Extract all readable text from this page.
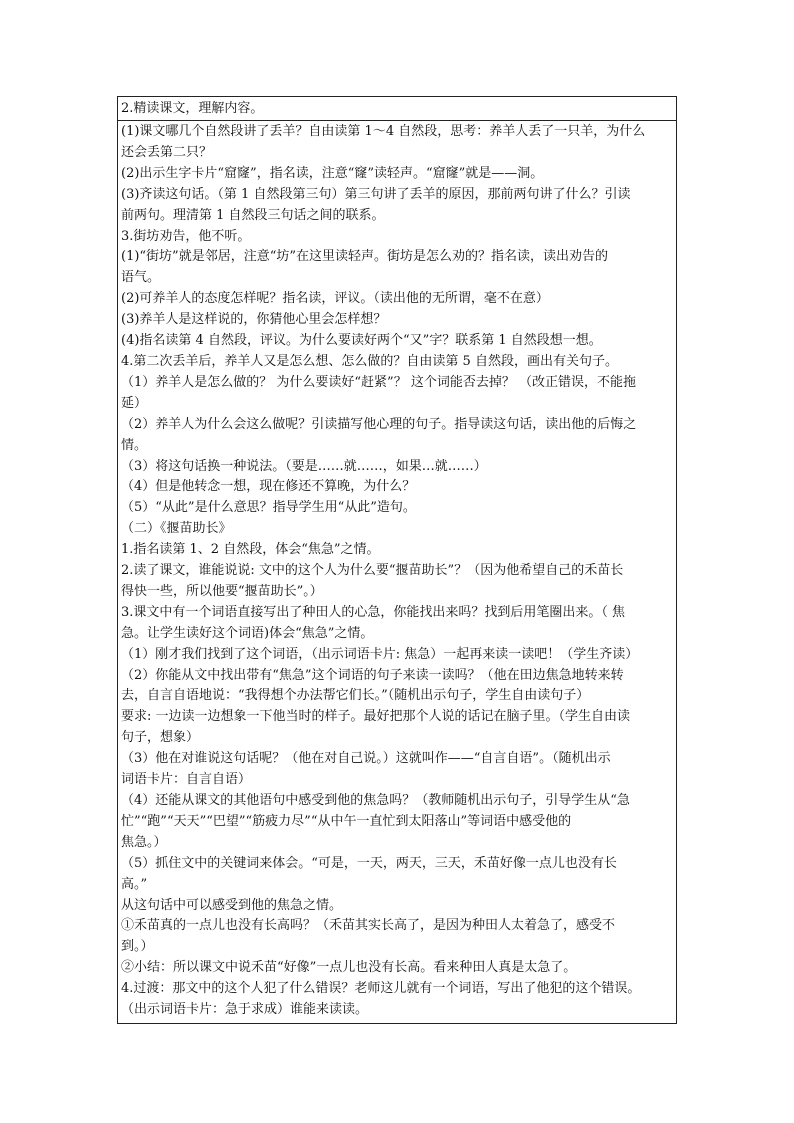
2.精读课文，理解内容。
(1)课文哪几个自然段讲了丢羊？自由读第 1～4 自然段，思考：养羊人丢了一只羊，为什么
还会丢第二只？
(2)出示生字卡片“窟窿”，指名读，注意“窿”读轻声。“窟窿”就是——洞。
(3)齐读这句话。（第 1 自然段第三句）第三句讲了丢羊的原因，那前两句讲了什么？引读
前两句。理清第 1 自然段三句话之间的联系。
3.街坊劝告，他不听。
(1)“街坊”就是邻居，注意“坊”在这里读轻声。街坊是怎么劝的？指名读，读出劝告的
语气。
(2)可养羊人的态度怎样呢？指名读，评议。（读出他的无所谓，毫不在意）
(3)养羊人是这样说的，你猜他心里会怎样想？
(4)指名读第 4 自然段，评议。为什么要读好两个“又”字？联系第 1 自然段想一想。
4.第二次丢羊后，养羊人又是怎么想、怎么做的？自由读第 5 自然段，画出有关句子。
（1）养羊人是怎么做的？ 为什么要读好“赶紧”？ 这个词能否去掉？ （改正错误，不能拖
延）
（2）养羊人为什么会这么做呢？引读描写他心理的句子。指导读这句话，读出他的后悔之
情。
（3）将这句话换一种说法。（要是……就……，如果…就……）
（4）但是他转念一想，现在修还不算晚，为什么？
（5）“从此”是什么意思？指导学生用“从此”造句。
（二）《揠苗助长》
1.指名读第 1、2 自然段，体会“焦急”之情。
2.读了课文，谁能说说: 文中的这个人为什么要“揠苗助长”？（因为他希望自己的禾苗长
得快一些，所以他要“揠苗助长”。）
3.课文中有一个词语直接写出了种田人的心急，你能找出来吗？找到后用笔圈出来。（ 焦
急。让学生读好这个词语)体会“焦急”之情。
（1）刚才我们找到了这个词语，（出示词语卡片: 焦急）一起再来读一读吧！（学生齐读）
（2）你能从文中找出带有“焦急”这个词语的句子来读一读吗？（他在田边焦急地转来转
去，自言自语地说：“我得想个办法帮它们长。”（随机出示句子，学生自由读句子）
要求: 一边读一边想象一下他当时的样子。最好把那个人说的话记在脑子里。（学生自由读
句子，想象）
（3）他在对谁说这句话呢？（他在对自己说。）这就叫作——“自言自语”。（随机出示
词语卡片：自言自语）
（4）还能从课文的其他语句中感受到他的焦急吗？（教师随机出示句子，引导学生从“急
忙”“跑”“天天”“巴望”“筋疲力尽”“从中午一直忙到太阳落山”等词语中感受他的
焦急。）
（5）抓住文中的关键词来体会。“可是，一天，两天，三天，禾苗好像一点儿也没有长
高。”
从这句话中可以感受到他的焦急之情。
①禾苗真的一点儿也没有长高吗？（禾苗其实长高了，是因为种田人太着急了，感受不
到。）
②小结：所以课文中说禾苗“好像”一点儿也没有长高。看来种田人真是太急了。
4.过渡：那文中的这个人犯了什么错误？老师这儿就有一个词语，写出了他犯的这个错误。
（出示词语卡片：急于求成）谁能来读读。
